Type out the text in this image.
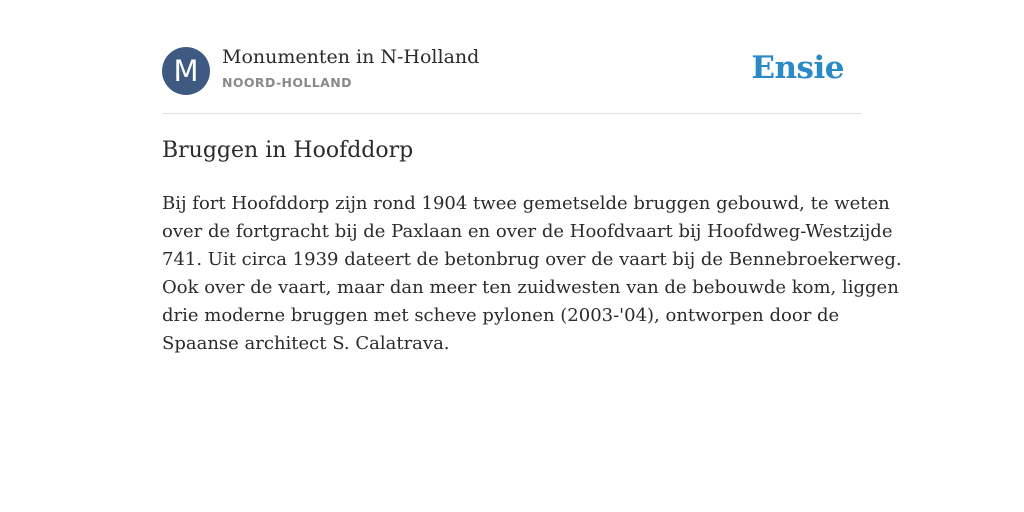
M	Monumenten in N-Holland
NOORD-HOLLAND	Ensie
Bruggen in Hoofddorp

Bij fort Hoofddorp zijn rond 1904 twee gemetselde bruggen gebouwd, te weten
over de fortgracht bij de Paxlaan en over de Hoofdvaart bij Hoofdweg-Westzijde
741. Uit circa 1939 dateert de betonbrug over de vaart bij de Bennebroekerweg.
Ook over de vaart, maar dan meer ten zuidwesten van de bebouwde kom, liggen
drie moderne bruggen met scheve pylonen (2003-'04), ontworpen door de
Spaanse architect S. Calatrava.
